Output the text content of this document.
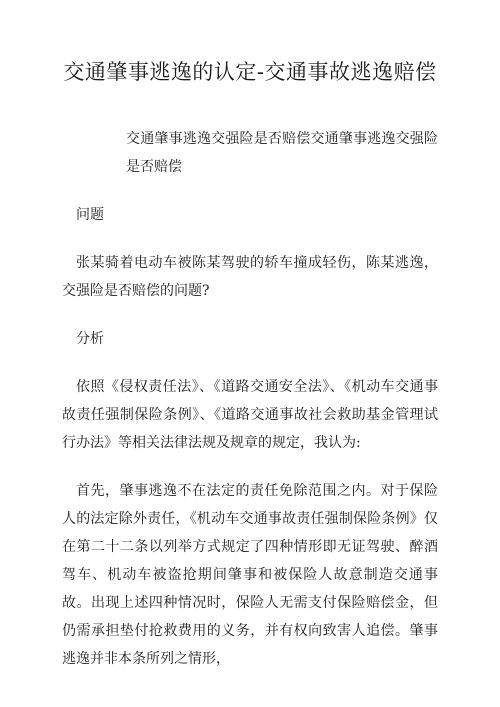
交通肇事逃逸的认定-交通事故逃逸赔偿

交通肇事逃逸交强险是否赔偿交通肇事逃逸交强险是否赔偿

问题

张某骑着电动车被陈某驾驶的轿车撞成轻伤，陈某逃逸，交强险是否赔偿的问题?

分析

依照《侵权责任法》、《道路交通安全法》、《机动车交通事故责任强制保险条例》、《道路交通事故社会救助基金管理试行办法》等相关法律法规及规章的规定，我认为:

首先，肇事逃逸不在法定的责任免除范围之内。对于保险人的法定除外责任，《机动车交通事故责任强制保险条例》仅在第二十二条以列举方式规定了四种情形即无证驾驶、醉酒驾车、机动车被盗抢期间肇事和被保险人故意制造交通事故。出现上述四种情况时，保险人无需支付保险赔偿金，但仍需承担垫付抢救费用的义务，并有权向致害人追偿。肇事逃逸并非本条所列之情形，
